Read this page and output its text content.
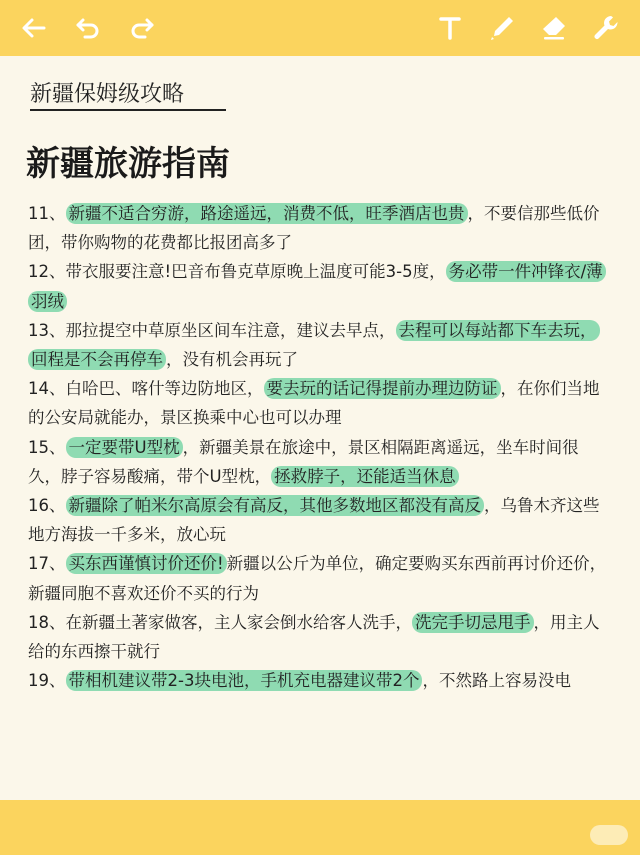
新疆保姆级攻略
新疆旅游指南
11、 新疆不适合穷游，路途遥远，消费不低，旺季酒店也贵 ，不要信那些低价团，带你购物的花费都比报团高多了
12、带衣服要注意!巴音布鲁克草原晚上温度可能3-5度， 务必带一件冲锋衣/薄羽绒
13、那拉提空中草原坐区间车注意，建议去早点， 去程可以每站都下车去玩，回程是不会再停车 ，没有机会再玩了
14、白哈巴、喀什等边防地区， 要去玩的话记得提前办理边防证 ，在你们当地的公安局就能办，景区换乘中心也可以办理
15、 一定要带U型枕 ，新疆美景在旅途中，景区相隔距离遥远，坐车时间很久，脖子容易酸痛，带个U型枕， 拯救脖子，还能适当休息
16、 新疆除了帕米尔高原会有高反，其他多数地区都没有高反 ，乌鲁木齐这些地方海拔一千多米，放心玩
17、 买东西谨慎讨价还价! 新疆以公斤为单位，确定要购买东西前再讨价还价，新疆同胞不喜欢还价不买的行为
18、在新疆土著家做客，主人家会倒水给客人洗手， 洗完手切忌甩手 ，用主人给的东西擦干就行
19、 带相机建议带2-3块电池，手机充电器建议带2个 ，不然路上容易没电
